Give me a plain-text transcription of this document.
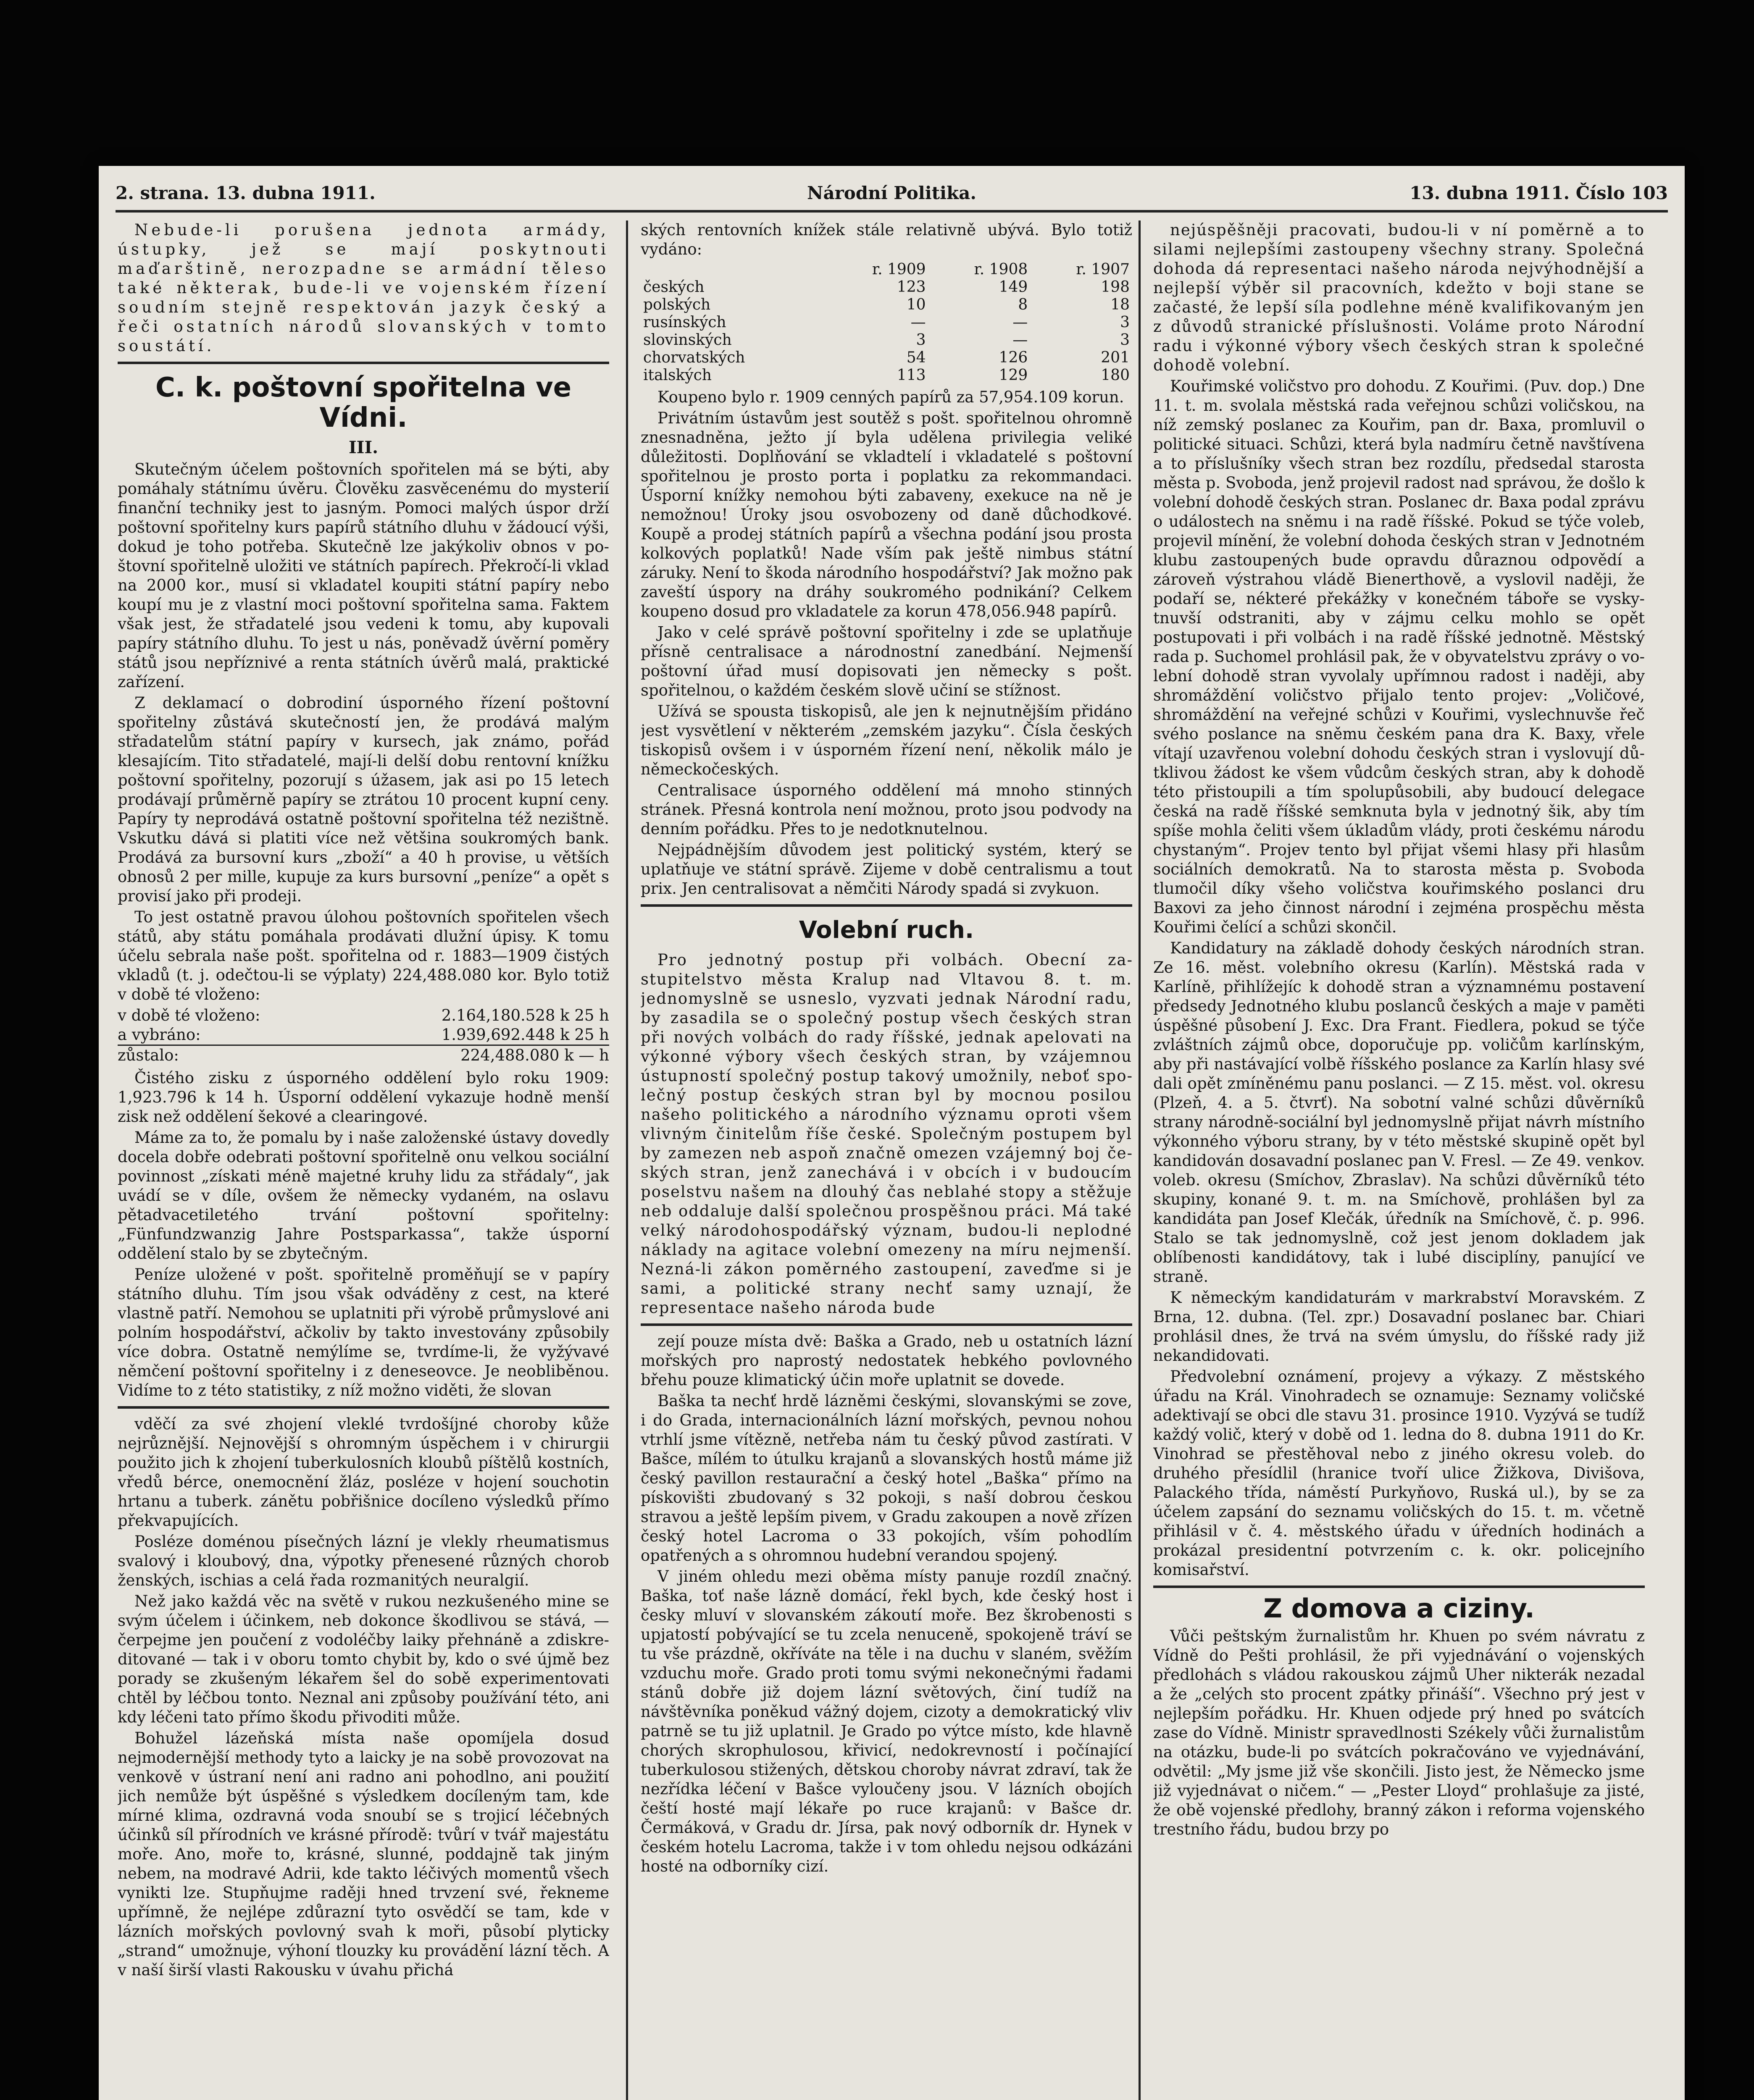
2. strana. 13. dubna 1911.	Národní Politika.	13. dubna 1911. Číslo 103

Nebude-li porušena jednota armády, ústupky, jež se mají poskytnouti maďarštině, nerozpadne se armádní těleso také některak, bude-li ve vojenském řízení soudním stejně respektován jazyk český a řeči ostatních národů slovanských v tomto soustátí.

C. k. poštovní spořitelna ve Vídni.
III.

Skutečným účelem poštovních spořitelen má se býti, aby pomáhaly státnímu úvěru. Člověku zasvěcenému do mysterií finanční techniky jest to jasným. Pomoci malých úspor drží poštovní spořitelny kurs papírů státního dluhu v žádoucí výši, dokud je toho potřeba. Skutečně lze jakýkoliv obnos v poštovní spořitelně uložiti ve státních papírech. Překročí-li vklad na 2000 kor., musí si vkladatel koupiti státní papíry nebo koupí mu je z vlastní moci poštovní spořitelna sama. Faktem však jest, že střadatelé jsou vedeni k tomu, aby kupovali papíry státního dluhu. To jest u nás, poněvadž úvěrní poměry států jsou nepříznivé a renta státních úvěrů malá, praktické zařízení.

Z deklamací o dobrodiní úsporného řízení poštovní spořitelny zůstává skutečností jen, že prodává malým střadatelům státní papíry v kursech, jak známo, pořád klesajícím. Tito střadatelé, mají-li delší dobu rentovní knížku poštovní spořitelny, pozorují s úžasem, jak asi po 15 letech prodávají průměrně papíry se ztrátou 10 procent kupní ceny. Papíry ty neprodává ostatně poštovní spořitelna též nezištně. Vskutku dává si platiti více než většina soukromých bank. Prodává za bursovní kurs „zboží“ a 40 h provise, u větších obnosů 2 per mille, kupuje za kurs bursovní „peníze“ a opět s provisí jako při prodeji.

To jest ostatně pravou úlohou poštovních spořitelen všech států, aby státu pomáhala prodávati dlužní úpisy. K tomu účelu sebrala naše pošt. spořitelna od r. 1883—1909 čistých vkladů (t. j. odečtou-li se výplaty) 224,488.080 kor. Bylo totiž v době té vloženo:

v době té vloženo:	2.164,180.528 k 25 h
a vybráno:	1.939,692.448 k 25 h
zůstalo:	224,488.080 k — h

Čistého zisku z úsporného oddělení bylo roku 1909: 1,923.796 k 14 h. Úsporní oddělení vykazuje hodně menší zisk než oddělení šekové a clearingové.

Máme za to, že pomalu by i naše založenské ústavy dovedly docela dobře odebrati poštovní spořitelně onu velkou sociální povinnost „získati méně majetné kruhy lidu za střádaly“, jak uvádí se v díle, ovšem že německy vydaném, na oslavu pětadvacetiletého trvání poštovní spořitelny: „Fünfundzwanzig Jahre Postsparkassa“, takže úsporní oddělení stalo by se zbytečným.

Peníze uložené v pošt. spořitelně proměňují se v papíry státního dluhu. Tím jsou však odváděny z cest, na které vlastně patří. Nemohou se uplatniti při výrobě průmyslové ani polním hospodářství, ačkoliv by takto investovány způsobily více dobra. Ostatně nemýlíme se, tvrdíme-li, že vyžývavé němčení poštovní spořitelny i z deneseovce. Je neobliběnou. Vidíme to z této statistiky, z níž možno viděti, že slovan

vděčí za své zhojení vleklé tvrdošíjné choroby kůže nejrůznější. Nejnovější s ohromným úspěchem i v chirurgii použito jich k zhojení tuberkulosních kloubů píštělů kostních, vředů bérce, onemocnění žláz, posléze v hojení souchotin hrtanu a tuberk. zánětu pobřišnice docíleno výsledků přímo překvapujících.

Posléze doménou písečných lázní je vlekly rheumatismus svalový i kloubový, dna, výpotky přenesené různých chorob ženských, ischias a celá řada rozmanitých neuralgií.

Než jako každá věc na světě v rukou nezkušeného mine se svým účelem i účinkem, neb dokonce škodlivou se stává, — čerpejme jen poučení z vodoléčby laiky přehnáně a zdiskreditované — tak i v oboru tomto chybit by, kdo o své újmě bez porady se zkušeným lékařem šel do sobě experimentovati chtěl by léčbou tonto. Neznal ani způsoby používání této, ani kdy léčeni tato přímo škodu přivoditi může.

Bohužel lázeňská místa naše opomíjela dosud nejmodernější methody tyto a laicky je na sobě provozovat na venkově v ústraní není ani radno ani pohodlno, ani použití jich nemůže být úspěšné s výsledkem docíleným tam, kde mírné klima, ozdravná voda snoubí se s trojicí léčebných účinků síl přírodních ve krásné přírodě: tvůrí v tvář majestátu moře. Ano, moře to, krásné, slunné, poddajně tak jiným nebem, na modravé Adrii, kde takto léčivých momentů všech vynikti lze. Stupňujme raději hned trvzení své, řekneme upřímně, že nejlépe zdůrazní tyto osvědčí se tam, kde v lázních mořských povlovný svah k moři, působí plyticky „strand“ umožnuje, výhoní tlouzky ku provádění lázní těch. A v naší širší vlasti Rakousku v úvahu přichá

ských rentovních knížek stále relativně ubývá. Bylo totiž vydáno:

	r. 1909	r. 1908	r. 1907
českých	123	149	198
polských	10	8	18
rusínských	—	—	3
slovinských	3	—	3
chorvatských	54	126	201
italských	113	129	180

Koupeno bylo r. 1909 cenných papírů za 57,954.109 korun.

Privátním ústavům jest soutěž s pošt. spořitelnou ohromně znesnadněna, ježto jí byla udělena privilegia veliké důležitosti. Doplňování se vkladtelí i vkladatelé s poštovní spořitelnou je prosto porta i poplatku za rekommandaci. Úsporní knížky nemohou býti zabaveny, exekuce na ně je nemožnou! Úroky jsou osvobozeny od daně důchodkové. Koupě a prodej státních papírů a všechna podání jsou prosta kolkových poplatků! Nade vším pak ještě nimbus státní záruky. Není to škoda národního hospodářství? Jak možno pak zaveští úspory na dráhy soukromého podnikání? Celkem koupeno dosud pro vkladatele za korun 478,056.948 papírů.

Jako v celé správě poštovní spořitelny i zde se uplatňuje přísně centralisace a národnostní zanedbání. Nejmenší poštovní úřad musí dopisovati jen německy s pošt. spořitelnou, o každém českém slově učiní se stížnost.

Užívá se spousta tiskopisů, ale jen k nejnutnějším přidáno jest vysvětlení v některém „zemském jazyku“. Čísla českých tiskopisů ovšem i v úsporném řízení není, několik málo je německočeských.

Centralisace úsporného oddělení má mnoho stinných stránek. Přesná kontrola není možnou, proto jsou podvody na denním pořádku. Přes to je nedotknutelnou.

Nejpádnějším důvodem jest politický systém, který se uplatňuje ve státní správě. Zijeme v době centralismu a tout prix. Jen centralisovat a němčiti Národy spadá si zvykuon.

Volební ruch.

Pro jednotný postup při volbách. Obecní zastupitelstvo města Kralup nad Vltavou 8. t. m. jednomyslně se usneslo, vyzvati jednak Národní radu, by zasadila se o společný postup všech českých stran při nových volbách do rady říšské, jednak apelovati na výkonné výbory všech českých stran, by vzájemnou ústupností společný postup takový umožnily, neboť společný postup českých stran byl by mocnou posilou našeho politického a národního významu oproti všem vlivným činitelům říše české. Společným postupem byl by zamezen neb aspoň značně omezen vzájemný boj českých stran, jenž zanechává i v obcích i v budoucím poselstvu našem na dlouhý čas neblahé stopy a stěžuje neb oddaluje další společnou prospěšnou práci. Má také velký národohospodářský význam, budou-li neplodné náklady na agitace volební omezeny na míru nejmenší. Nezná-li zákon poměrného zastoupení, zaveďme si je sami, a politické strany nechť samy uznají, že representace našeho národa bude

zejí pouze místa dvě: Baška a Grado, neb u ostatních lázní mořských pro naprostý nedostatek hebkého povlovného břehu pouze klimatický účin moře uplatnit se dovede.

Baška ta nechť hrdě lázněmi českými, slovanskými se zove, i do Grada, internacionálních lázní mořských, pevnou nohou vtrhlí jsme vítězně, netřeba nám tu český původ zastírati. V Bašce, mílém to útulku krajanů a slovanských hostů máme již český pavillon restaurační a český hotel „Baška“ přímo na pískovišti zbudovaný s 32 pokoji, s naší dobrou českou stravou a ještě lepším pivem, v Gradu zakoupen a nově zřízen český hotel Lacroma o 33 pokojích, vším pohodlím opatřených a s ohromnou hudební verandou spojený.

V jiném ohledu mezi oběma místy panuje rozdíl značný. Baška, toť naše lázně domácí, řekl bych, kde český host i česky mluví v slovanském zákoutí moře. Bez škrobenosti s upjatostí pobývající se tu zcela nenuceně, spokojeně tráví se tu vše prázdně, okříváte na těle i na duchu v slaném, svěžím vzduchu moře. Grado proti tomu svými nekonečnými řadami stánů dobře již dojem lázní světových, činí tudíž na návštěvníka poněkud vážný dojem, cizoty a demokratický vliv patrně se tu již uplatnil. Je Grado po výtce místo, kde hlavně chorých skrophulosou, křivicí, nedokrevností i počínající tuberkulosou stižených, dětskou choroby návrat zdraví, tak že nezřídka léčení v Bašce vyloučeny jsou. V lázních obojích čeští hosté mají lékaře po ruce krajanů: v Bašce dr. Čermáková, v Gradu dr. Jírsa, pak nový odborník dr. Hynek v českém hotelu Lacroma, takže i v tom ohledu nejsou odkázáni hosté na odborníky cizí.

nejúspěšněji pracovati, budou-li v ní poměrně a to silami nejlepšími zastoupeny všechny strany. Společná dohoda dá representaci našeho národa nejvýhodnější a nejlepší výběr sil pracovních, kdežto v boji stane se začasté, že lepší síla podlehne méně kvalifikovaným jen z důvodů stranické příslušnosti. Voláme proto Národní radu i výkonné výbory všech českých stran k společné dohodě volební.

Kouřimské voličstvo pro dohodu. Z Kouřimi. (Puv. dop.) Dne 11. t. m. svolala městská rada veřejnou schůzi voličskou, na níž zemský poslanec za Kouřim, pan dr. Baxa, promluvil o politické situaci. Schůzi, která byla nadmíru četně navštívena a to příslušníky všech stran bez rozdílu, předsedal starosta města p. Svoboda, jenž projevil radost nad správou, že došlo k volební dohodě českých stran. Poslanec dr. Baxa podal zprávu o událostech na sněmu i na radě říšské. Pokud se týče voleb, projevil mínění, že volební dohoda českých stran v Jednotném klubu zastoupených bude opravdu důraznou odpovědí a zároveň výstrahou vládě Bienerthově, a vyslovil naději, že podaří se, nékteré překážky v konečném táboře se vyskytnuvší odstraniti, aby v zájmu celku mohlo se opět postupovati i při volbách i na radě říšské jednotně. Městský rada p. Suchomel prohlásil pak, že v obyvatelstvu zprávy o volební dohodě stran vyvolaly upřímnou radost i naději, aby shromáždění voličstvo přijalo tento projev: „Voličové, shromáždění na veřejné schůzi v Kouřimi, vyslechnuvše řeč svého poslance na sněmu českém pana dra K. Baxy, vřele vítají uzavřenou volební dohodu českých stran i vyslovují důtklivou žádost ke všem vůdcům českých stran, aby k dohodě této přistoupili a tím spolupůsobili, aby budoucí delegace česká na radě říšské semknuta byla v jednotný šik, aby tím spíše mohla čeliti všem úkladům vlády, proti českému národu chystaným“. Projev tento byl přijat všemi hlasy při hlasům sociálních demokratů. Na to starosta města p. Svoboda tlumočil díky všeho voličstva kouřimského poslanci dru Baxovi za jeho činnost národní i zejména prospěchu města Kouřimi čelící a schůzi skončil.

Kandidatury na základě dohody českých národních stran. Ze 16. měst. volebního okresu (Karlín). Městská rada v Karlíně, přihlížejíc k dohodě stran a významnému postavení předsedy Jednotného klubu poslanců českých a maje v paměti úspěšné působení J. Exc. Dra Frant. Fiedlera, pokud se týče zvláštních zájmů obce, doporučuje pp. voličům karlínským, aby při nastávající volbě říšského poslance za Karlín hlasy své dali opět zmíněnému panu poslanci. — Z 15. měst. vol. okresu (Plzeň, 4. a 5. čtvrť). Na sobotní valné schůzi důvěrníků strany národně-sociální byl jednomyslně přijat návrh místního výkonného výboru strany, by v této městské skupině opět byl kandidován dosavadní poslanec pan V. Fresl. — Ze 49. venkov. voleb. okresu (Smíchov, Zbraslav). Na schůzi důvěrníků této skupiny, konané 9. t. m. na Smíchově, prohlášen byl za kandidáta pan Josef Klečák, úředník na Smíchově, č. p. 996. Stalo se tak jednomyslně, což jest jenom dokladem jak oblíbenosti kandidátovy, tak i lubé disciplíny, panující ve straně.

K německým kandidaturám v markrabství Moravském. Z Brna, 12. dubna. (Tel. zpr.) Dosavadní poslanec bar. Chiari prohlásil dnes, že trvá na svém úmyslu, do říšské rady již nekandidovati.

Předvolební oznámení, projevy a výkazy. Z městského úřadu na Král. Vinohradech se oznamuje: Seznamy voličské adektivají se obci dle stavu 31. prosince 1910. Vyzývá se tudíž každý volič, který v době od 1. ledna do 8. dubna 1911 do Kr. Vinohrad se přestěhoval nebo z jiného okresu voleb. do druhého přesídlil (hranice tvoří ulice Žižkova, Divišova, Palackého třída, náměstí Purkyňovo, Ruská ul.), by se za účelem zapsání do seznamu voličských do 15. t. m. včetně přihlásil v č. 4. městského úřadu v úředních hodinách a prokázal presidentní potvrzením c. k. okr. policejního komisařství.

Z domova a ciziny.

Vůči peštským žurnalistům hr. Khuen po svém návratu z Vídně do Pešti prohlásil, že při vyjednávání o vojenských předlohách s vládou rakouskou zájmů Uher nikterák nezadal a že „celých sto procent zpátky přináší“. Všechno prý jest v nejlepším pořádku. Hr. Khuen odjede prý hned po svátcích zase do Vídně. Ministr spravedlnosti Székely vůči žurnalistům na otázku, bude-li po svátcích pokračováno ve vyjednávání, odvětil: „My jsme již vše skončili. Jisto jest, že Německo jsme již vyjednávat o ničem.“ — „Pester Lloyd“ prohlašuje za jisté, že obě vojenské předlohy, branný zákon i reforma vojenského trestního řádu, budou brzy po
